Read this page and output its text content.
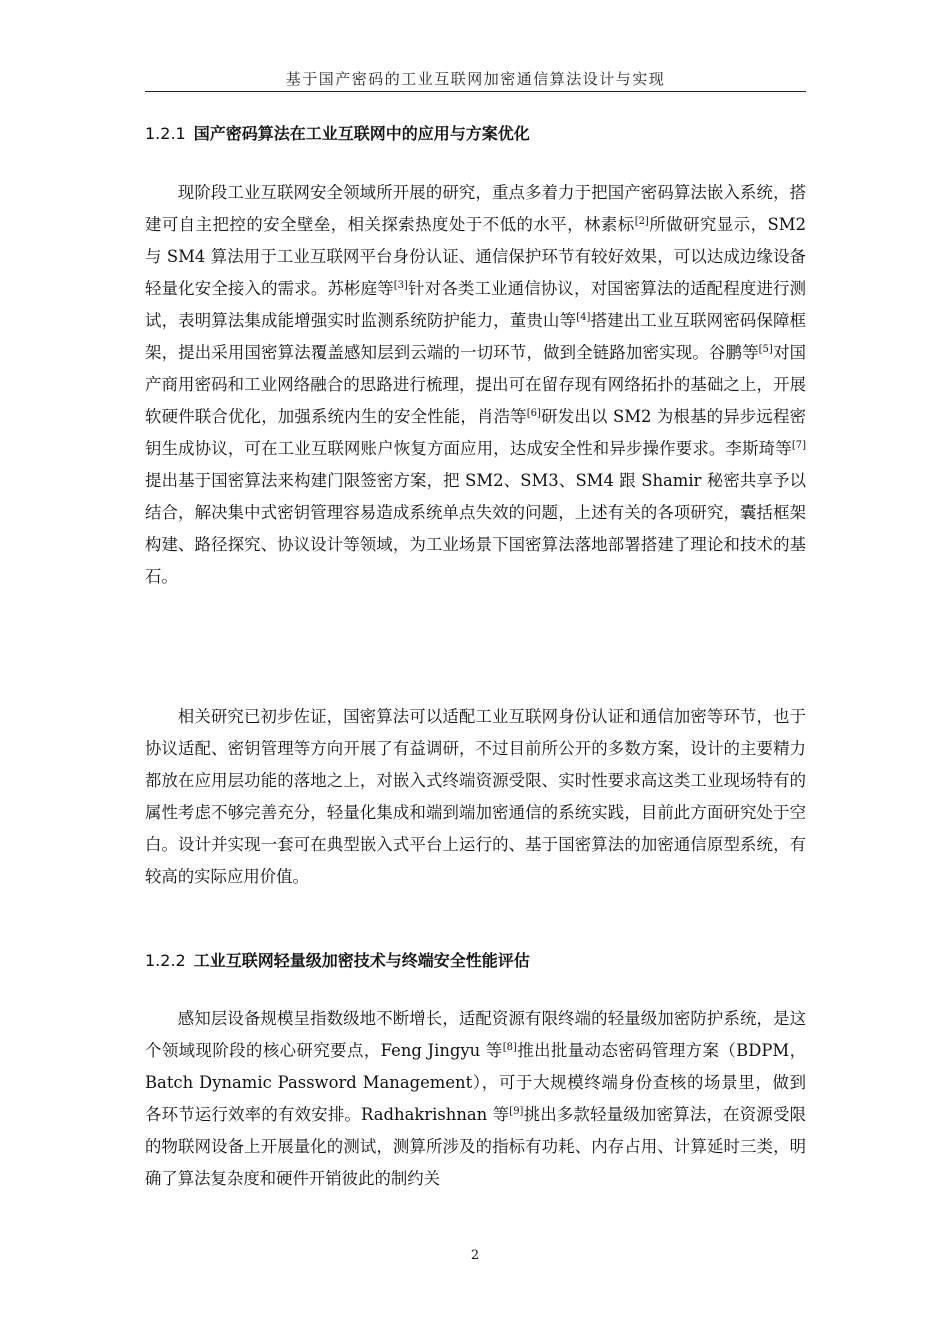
基于国产密码的工业互联网加密通信算法设计与实现
1.2.1 国产密码算法在工业互联网中的应用与方案优化

现阶段工业互联网安全领域所开展的研究，重点多着力于把国产密码算法嵌入系统，搭建可自主把控的安全壁垒，相关探索热度处于不低的水平，林素标[2]所做研究显示，SM2 与 SM4 算法用于工业互联网平台身份认证、通信保护环节有较好效果，可以达成边缘设备轻量化安全接入的需求。苏彬庭等[3]针对各类工业通信协议，对国密算法的适配程度进行测试，表明算法集成能增强实时监测系统防护能力，董贵山等[4]搭建出工业互联网密码保障框架，提出采用国密算法覆盖感知层到云端的一切环节，做到全链路加密实现。谷鹏等[5]对国产商用密码和工业网络融合的思路进行梳理，提出可在留存现有网络拓扑的基础之上，开展软硬件联合优化，加强系统内生的安全性能，肖浩等[6]研发出以 SM2 为根基的异步远程密钥生成协议，可在工业互联网账户恢复方面应用，达成安全性和异步操作要求。李斯琦等[7]提出基于国密算法来构建门限签密方案，把 SM2、SM3、SM4 跟 Shamir 秘密共享予以结合，解决集中式密钥管理容易造成系统单点失效的问题，上述有关的各项研究，囊括框架构建、路径探究、协议设计等领域，为工业场景下国密算法落地部署搭建了理论和技术的基石。

相关研究已初步佐证，国密算法可以适配工业互联网身份认证和通信加密等环节，也于协议适配、密钥管理等方向开展了有益调研，不过目前所公开的多数方案，设计的主要精力都放在应用层功能的落地之上，对嵌入式终端资源受限、实时性要求高这类工业现场特有的属性考虑不够完善充分，轻量化集成和端到端加密通信的系统实践，目前此方面研究处于空白。设计并实现一套可在典型嵌入式平台上运行的、基于国密算法的加密通信原型系统，有较高的实际应用价值。

1.2.2 工业互联网轻量级加密技术与终端安全性能评估

感知层设备规模呈指数级地不断增长，适配资源有限终端的轻量级加密防护系统，是这个领域现阶段的核心研究要点，Feng Jingyu 等[8]推出批量动态密码管理方案（BDPM，Batch Dynamic Password Management），可于大规模终端身份查核的场景里，做到各环节运行效率的有效安排。Radhakrishnan 等[9]挑出多款轻量级加密算法，在资源受限的物联网设备上开展量化的测试，测算所涉及的指标有功耗、内存占用、计算延时三类，明确了算法复杂度和硬件开销彼此的制约关

2
